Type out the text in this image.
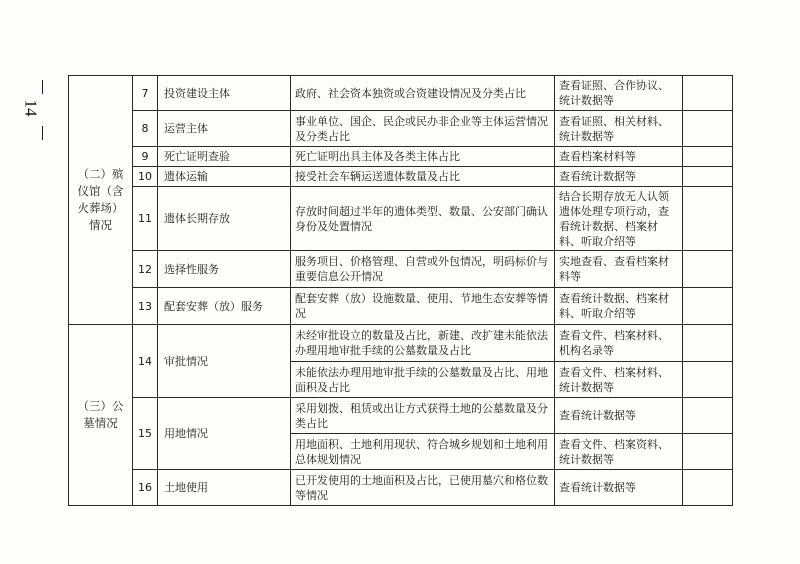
14
（二）殡仪馆（含火葬场）情况	7	投资建设主体	政府、社会资本独资或合资建设情况及分类占比	查看证照、合作协议、统计数据等	
	8	运营主体	事业单位、国企、民企或民办非企业等主体运营情况及分类占比	查看证照、相关材料、统计数据等	
	9	死亡证明查验	死亡证明出具主体及各类主体占比	查看档案材料等	
	10	遗体运输	接受社会车辆运送遗体数量及占比	查看统计数据等	
	11	遗体长期存放	存放时间超过半年的遗体类型、数量、公安部门确认身份及处置情况	结合长期存放无人认领遗体处理专项行动，查看统计数据、档案材料、听取介绍等	
	12	选择性服务	服务项目、价格管理、自营或外包情况，明码标价与重要信息公开情况	实地查看、查看档案材料等	
	13	配套安葬（放）服务	配套安葬（放）设施数量、使用、节地生态安葬等情况	查看统计数据、档案材料、听取介绍等	
（三）公墓情况	14	审批情况	未经审批设立的数量及占比，新建、改扩建未能依法办理用地审批手续的公墓数量及占比	查看文件、档案材料、机构名录等	
			未能依法办理用地审批手续的公墓数量及占比、用地面积及占比	查看文件、档案材料、统计数据等	
	15	用地情况	采用划拨、租赁或出让方式获得土地的公墓数量及分类占比	查看统计数据等	
			用地面积、土地利用现状、符合城乡规划和土地利用总体规划情况	查看文件、档案资料、统计数据等	
	16	土地使用	已开发使用的土地面积及占比，已使用墓穴和格位数等情况	查看统计数据等	
